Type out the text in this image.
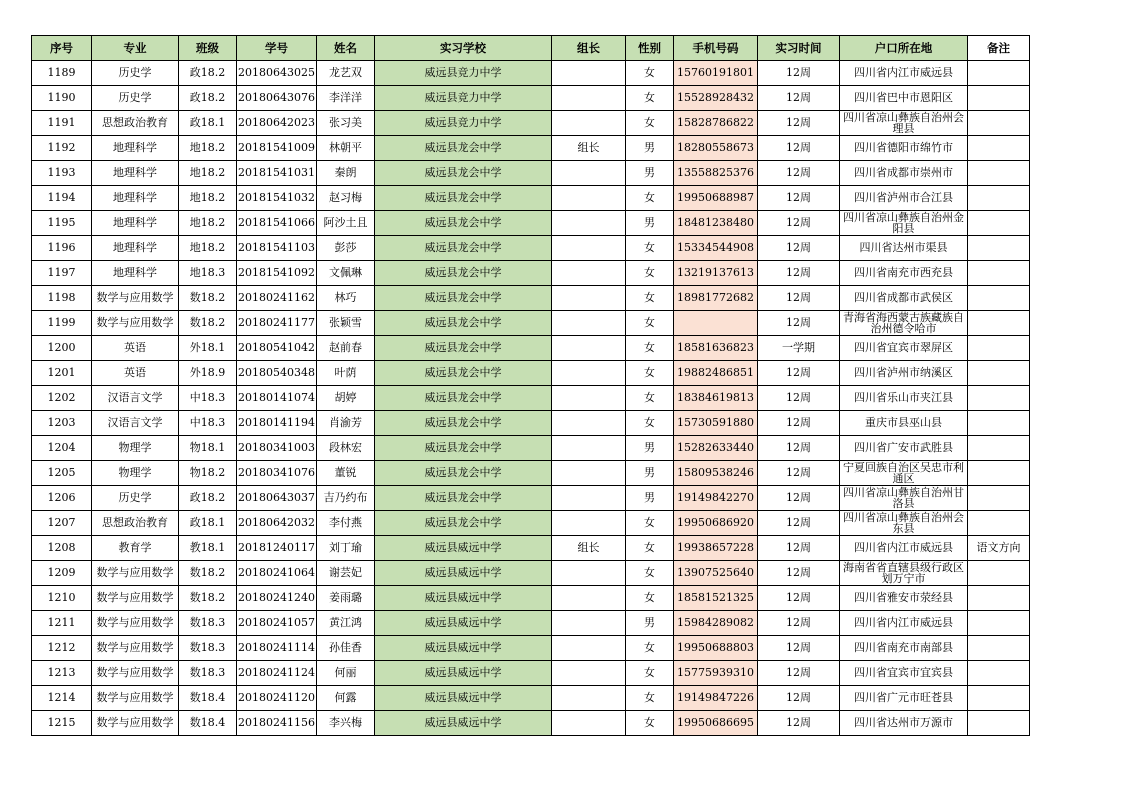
序号	专业	班级	学号	姓名	实习学校	组长	性别	手机号码	实习时间	户口所在地	备注
1189	历史学	政18.2	20180643025	龙艺双	威远县竞力中学		女	15760191801	12周	四川省内江市威远县	
1190	历史学	政18.2	20180643076	李洋洋	威远县竞力中学		女	15528928432	12周	四川省巴中市恩阳区	
1191	思想政治教育	政18.1	20180642023	张习美	威远县竞力中学		女	15828786822	12周	四川省凉山彝族自治州会理县	
1192	地理科学	地18.2	20181541009	林朝平	威远县龙会中学	组长	男	18280558673	12周	四川省德阳市绵竹市	
1193	地理科学	地18.2	20181541031	秦朗	威远县龙会中学		男	13558825376	12周	四川省成都市崇州市	
1194	地理科学	地18.2	20181541032	赵习梅	威远县龙会中学		女	19950688987	12周	四川省泸州市合江县	
1195	地理科学	地18.2	20181541066	阿沙土且	威远县龙会中学		男	18481238480	12周	四川省凉山彝族自治州金阳县	
1196	地理科学	地18.2	20181541103	彭莎	威远县龙会中学		女	15334544908	12周	四川省达州市渠县	
1197	地理科学	地18.3	20181541092	文佩琳	威远县龙会中学		女	13219137613	12周	四川省南充市西充县	
1198	数学与应用数学	数18.2	20180241162	林巧	威远县龙会中学		女	18981772682	12周	四川省成都市武侯区	
1199	数学与应用数学	数18.2	20180241177	张颖雪	威远县龙会中学		女		12周	青海省海西蒙古族藏族自治州德令哈市	
1200	英语	外18.1	20180541042	赵前春	威远县龙会中学		女	18581636823	一学期	四川省宜宾市翠屏区	
1201	英语	外18.9	20180540348	叶荫	威远县龙会中学		女	19882486851	12周	四川省泸州市纳溪区	
1202	汉语言文学	中18.3	20180141074	胡婷	威远县龙会中学		女	18384619813	12周	四川省乐山市夹江县	
1203	汉语言文学	中18.3	20180141194	肖渝芳	威远县龙会中学		女	15730591880	12周	重庆市县巫山县	
1204	物理学	物18.1	20180341003	段林宏	威远县龙会中学		男	15282633440	12周	四川省广安市武胜县	
1205	物理学	物18.2	20180341076	董锐	威远县龙会中学		男	15809538246	12周	宁夏回族自治区吴忠市利通区	
1206	历史学	政18.2	20180643037	吉乃约布	威远县龙会中学		男	19149842270	12周	四川省凉山彝族自治州甘洛县	
1207	思想政治教育	政18.1	20180642032	李付燕	威远县龙会中学		女	19950686920	12周	四川省凉山彝族自治州会东县	
1208	教育学	教18.1	20181240117	刘丁瑜	威远县威远中学	组长	女	19938657228	12周	四川省内江市威远县	语文方向
1209	数学与应用数学	数18.2	20180241064	谢芸妃	威远县威远中学		女	13907525640	12周	海南省省直辖县级行政区划万宁市	
1210	数学与应用数学	数18.2	20180241240	姜雨璐	威远县威远中学		女	18581521325	12周	四川省雅安市荥经县	
1211	数学与应用数学	数18.3	20180241057	黄江鸿	威远县威远中学		男	15984289082	12周	四川省内江市威远县	
1212	数学与应用数学	数18.3	20180241114	孙佳香	威远县威远中学		女	19950688803	12周	四川省南充市南部县	
1213	数学与应用数学	数18.3	20180241124	何丽	威远县威远中学		女	15775939310	12周	四川省宜宾市宜宾县	
1214	数学与应用数学	数18.4	20180241120	何露	威远县威远中学		女	19149847226	12周	四川省广元市旺苍县	
1215	数学与应用数学	数18.4	20180241156	李兴梅	威远县威远中学		女	19950686695	12周	四川省达州市万源市	
